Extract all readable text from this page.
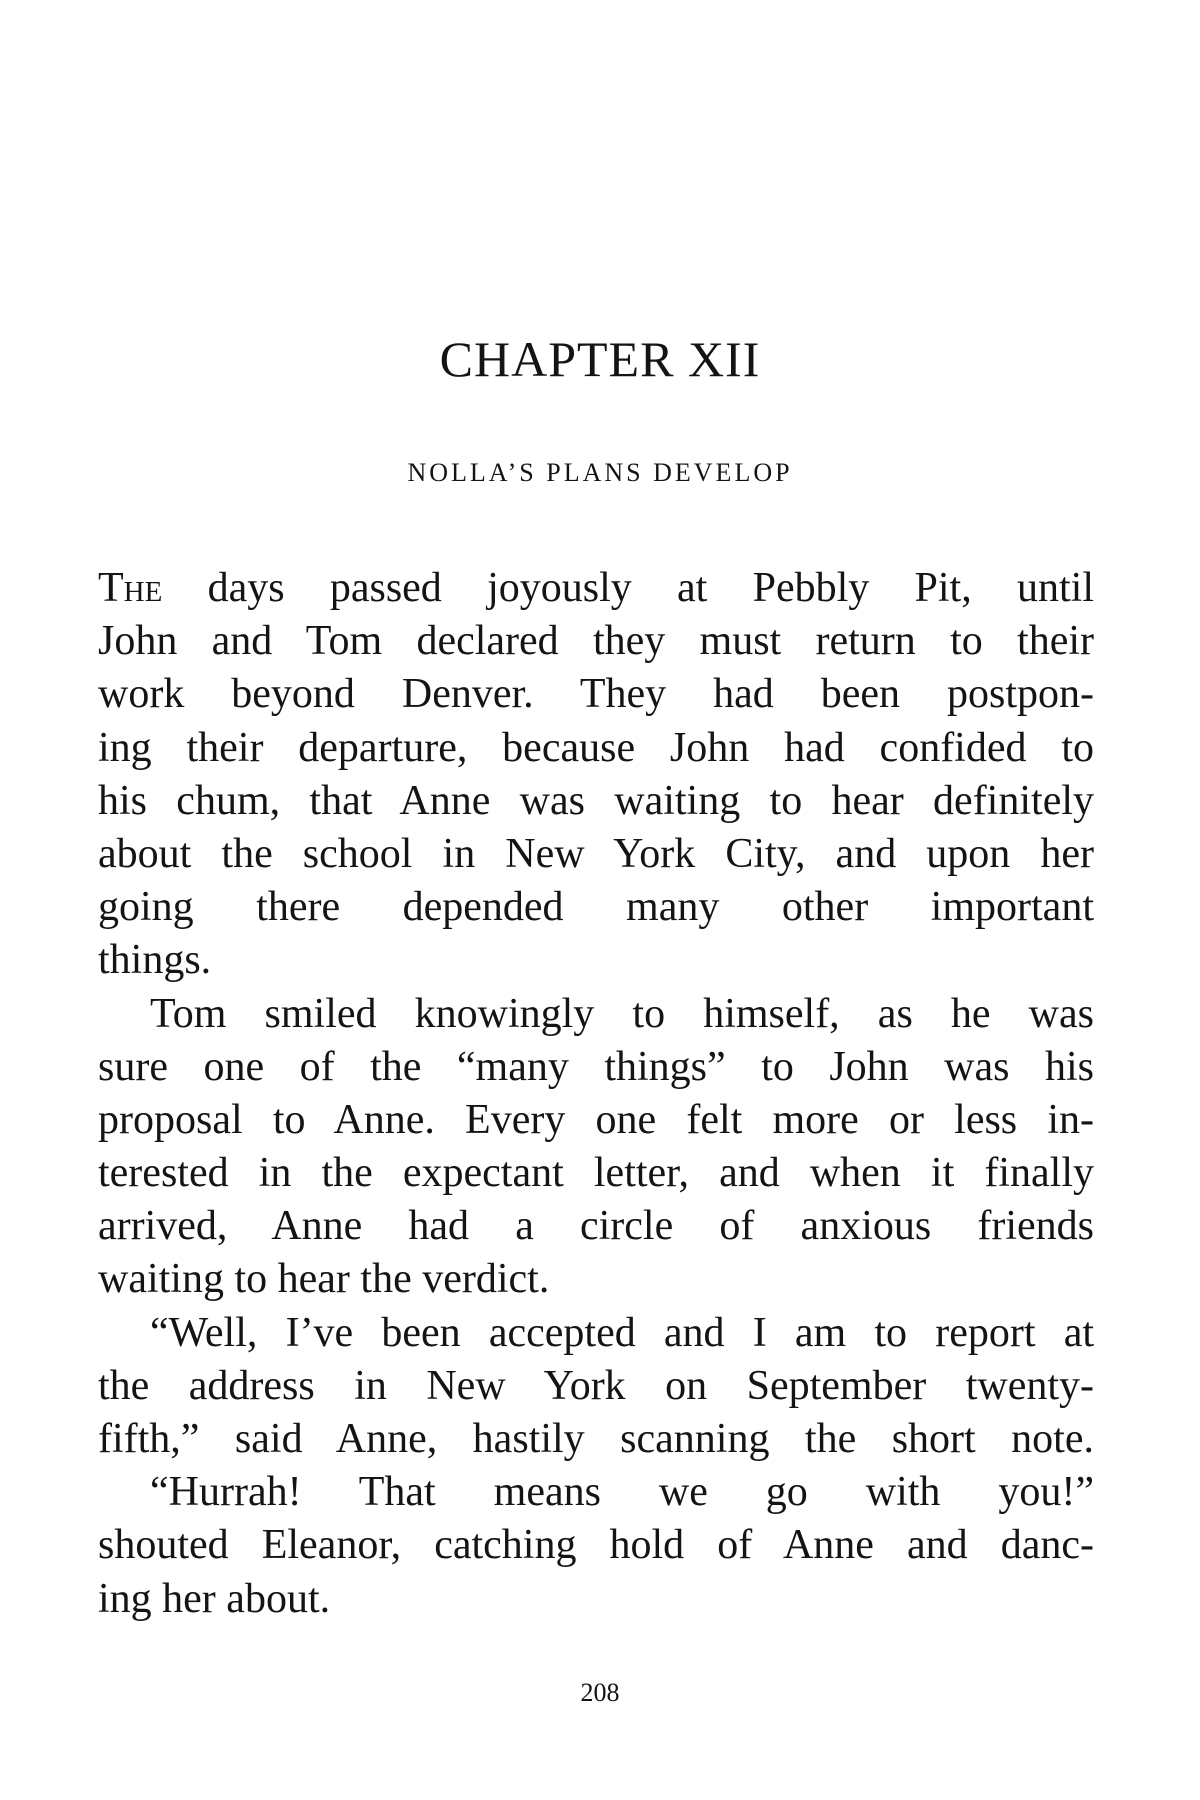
CHAPTER XII
NOLLA’S PLANS DEVELOP
The days passed joyously at Pebbly Pit, until
John and Tom declared they must return to their
work beyond Denver. They had been postpon-
ing their departure, because John had confided to
his chum, that Anne was waiting to hear definitely
about the school in New York City, and upon her
going there depended many other important
things.
Tom smiled knowingly to himself, as he was
sure one of the “many things” to John was his
proposal to Anne. Every one felt more or less in-
terested in the expectant letter, and when it finally
arrived, Anne had a circle of anxious friends
waiting to hear the verdict.
“Well, I’ve been accepted and I am to report at
the address in New York on September twenty-
fifth,” said Anne, hastily scanning the short note.
“Hurrah! That means we go with you!”
shouted Eleanor, catching hold of Anne and danc-
ing her about.
208
